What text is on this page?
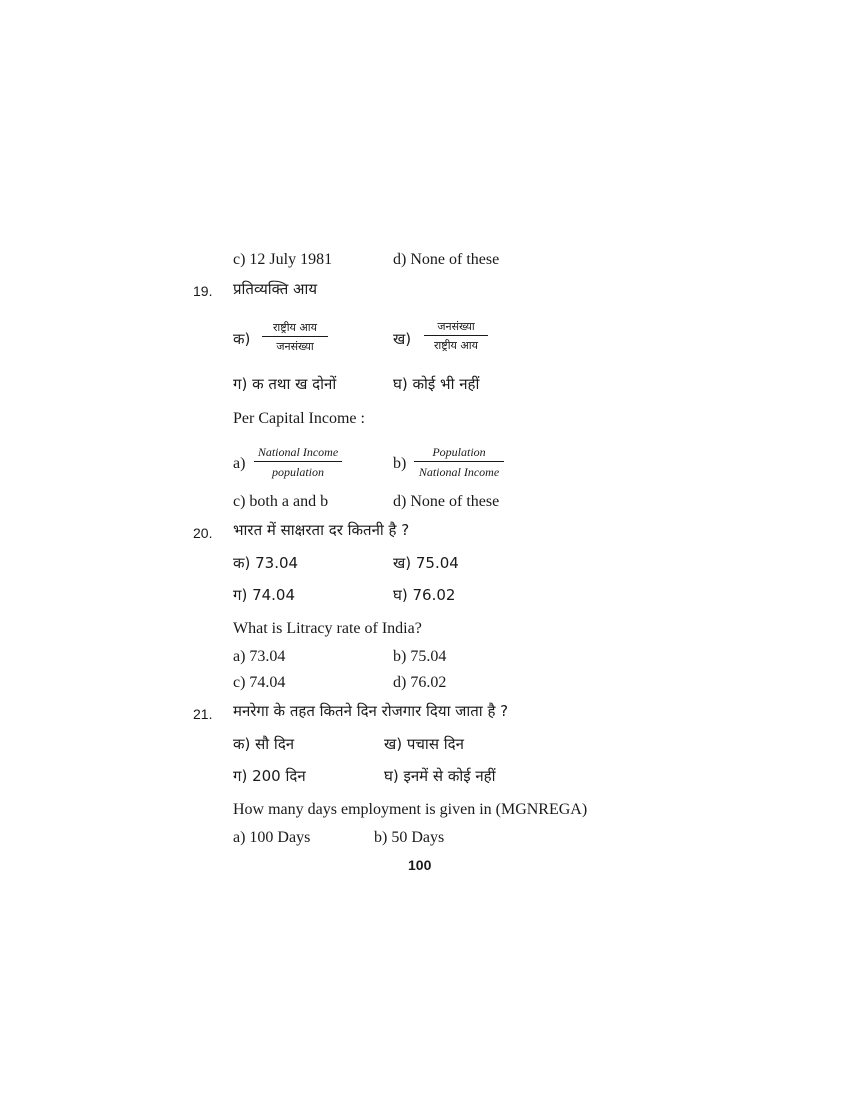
c) 12 July 1981	d) None of these
19. प्रतिव्यक्ति आय
क)
राष्ट्रीय आय
जनसंख्या	ख)
जनसंख्या
राष्ट्रीय आय
ग) क तथा ख दोनों	घ) कोई भी नहीं
Per Capital Income :
a)
National Income
population	b)
Population
National Income
c) both a and b	d) None of these
20. भारत में साक्षरता दर कितनी है ?
क) 73.04	ख) 75.04
ग) 74.04	घ) 76.02
What is Litracy rate of India?
a) 73.04	b) 75.04
c) 74.04	d) 76.02
21. मनरेगा के तहत कितने दिन रोजगार दिया जाता है ?
क) सौ दिन	ख) पचास दिन
ग) 200 दिन	घ) इनमें से कोई नहीं
How many days employment is given in (MGNREGA)
a) 100 Days	b) 50 Days
100
